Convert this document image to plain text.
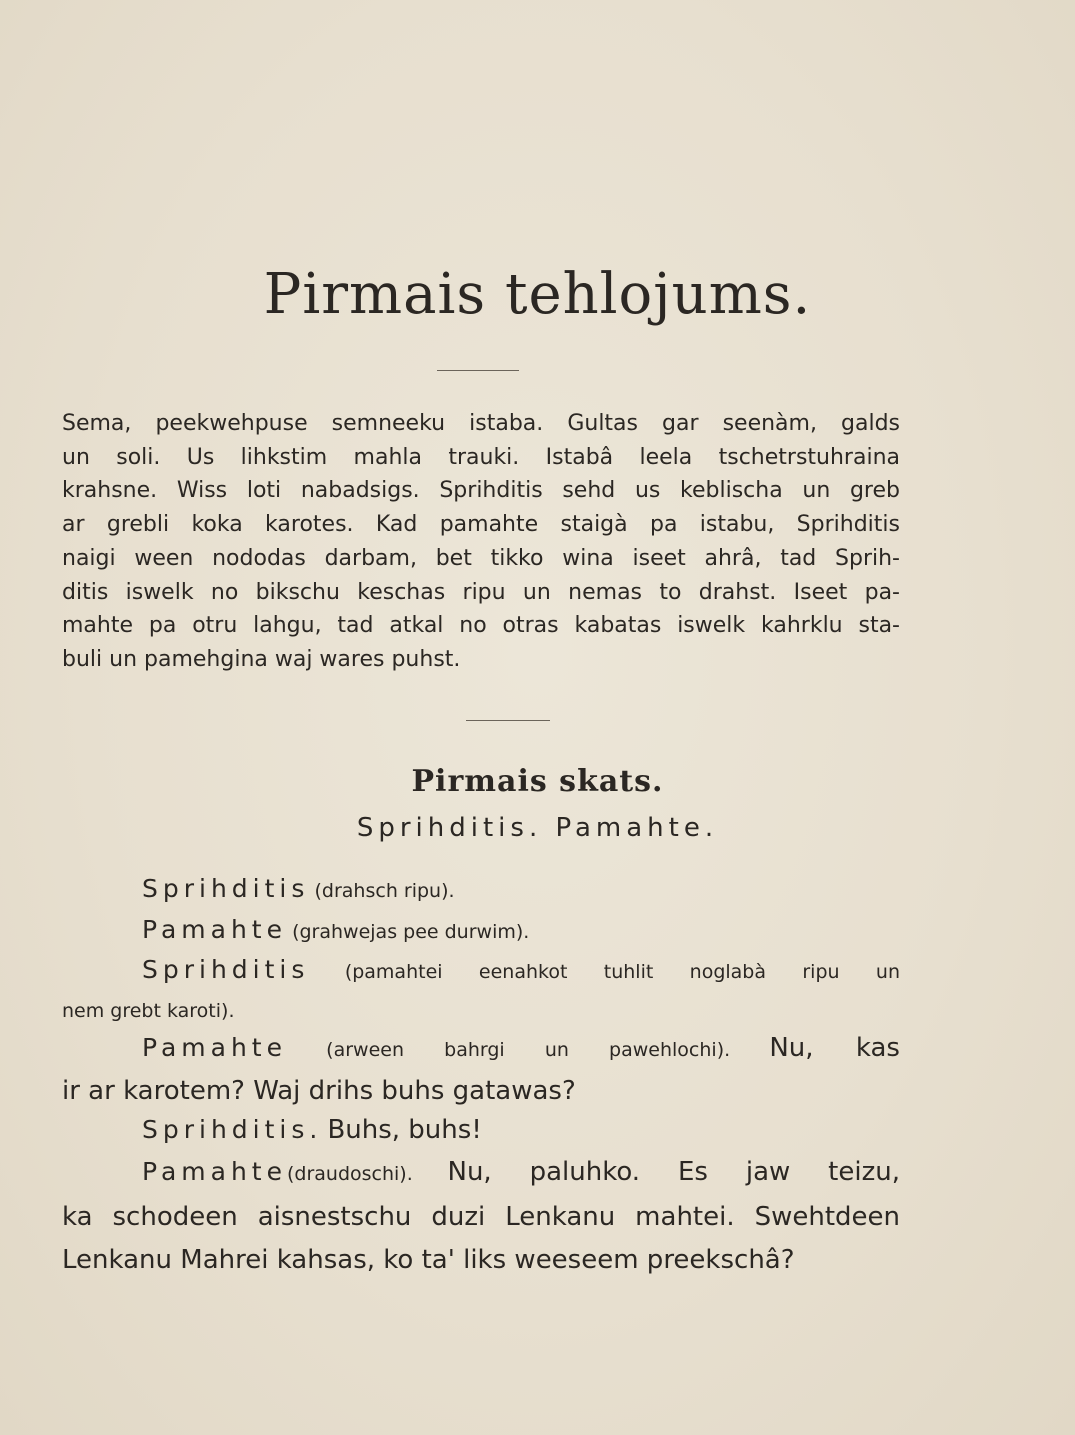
Pirmais tehlojums.
Sema, peekwehpuse semneeku istaba. Gultas gar seenàm, galds
un soli. Us lihkstim mahla trauki. Istabâ leela tschetrstuhraina
krahsne. Wiss loti nabadsigs. Sprihditis sehd us keblischa un greb
ar grebli koka karotes. Kad pamahte staigà pa istabu, Sprihditis
naigi ween nododas darbam, bet tikko wina iseet ahrâ, tad Sprih-
ditis iswelk no bikschu keschas ripu un nemas to drahst. Iseet pa-
mahte pa otru lahgu, tad atkal no otras kabatas iswelk kahrklu sta-
buli un pamehgina waj wares puhst.
Pirmais skats.
Sprihditis. Pamahte.
Sprihditis (drahsch ripu).
Pamahte (grahwejas pee durwim).
Sprihditis (pamahtei eenahkot tuhlit noglabà ripu un
nem grebt karoti).
Pamahte (arween bahrgi un pawehlochi). Nu, kas
ir ar karotem? Waj drihs buhs gatawas?
Sprihditis. Buhs, buhs!
Pamahte(draudoschi). Nu, paluhko. Es jaw teizu,
ka schodeen aisnestschu duzi Lenkanu mahtei. Swehtdeen
Lenkanu Mahrei kahsas, ko ta' liks weeseem preekschâ?
